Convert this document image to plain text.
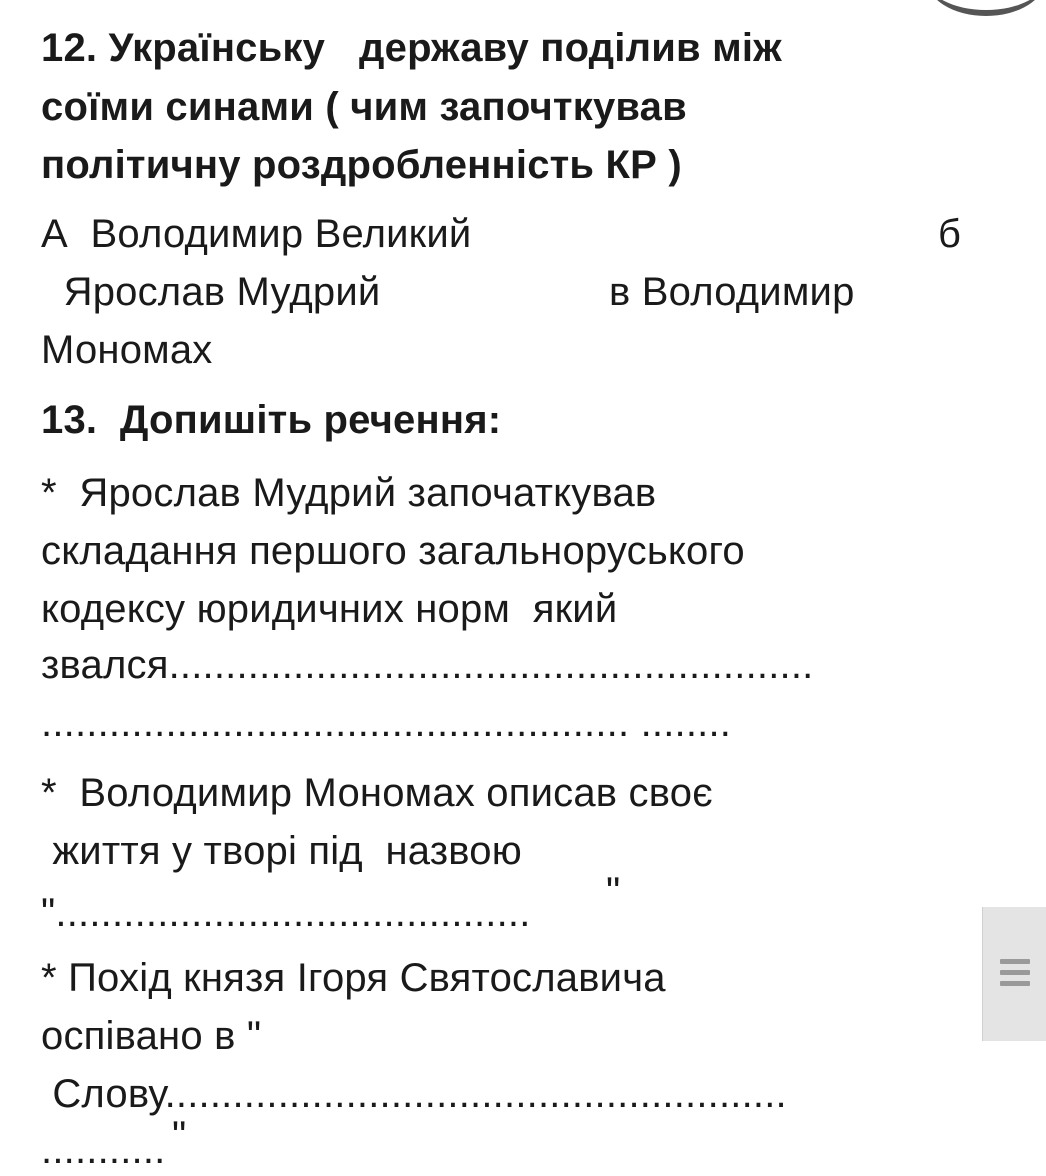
12. Українську   державу поділив між
соїми синами ( чим започткував
політичну роздробленність КР )
А  Володимир Великий	б
Ярослав Мудрий	в Володимир
Мономах
13.  Допишіть речення:
*  Ярослав Мудрий започаткував
складання першого загальноруського
кодексу юридичних норм  який
звался.........................................................
.................................................... ........
*  Володимир Мономах описав своє
життя у творі під  назвою
"
"..........................................
* Похід князя Ігоря Святославича
оспівано в "
Слову.......................................................
"
...........
